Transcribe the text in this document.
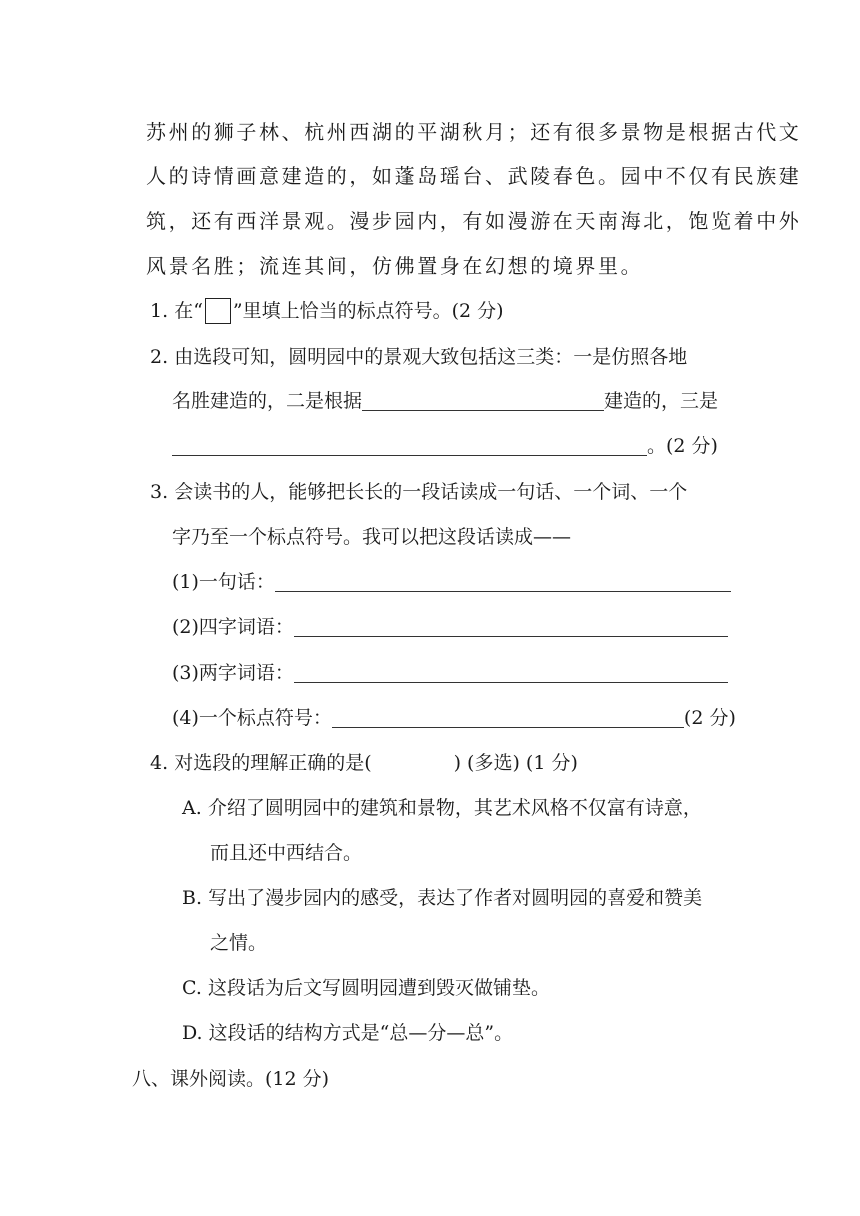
苏州的狮子林、杭州西湖的平湖秋月；还有很多景物是根据古代文
人的诗情画意建造的，如蓬岛瑶台、武陵春色。园中不仅有民族建
筑，还有西洋景观。漫步园内，有如漫游在天南海北，饱览着中外
风景名胜；流连其间，仿佛置身在幻想的境界里。
1. 在“ ”里填上恰当的标点符号。(2 分)
2. 由选段可知，圆明园中的景观大致包括这三类：一是仿照各地
名胜建造的，二是根据	建造的，三是
。(2 分)
3. 会读书的人，能够把长长的一段话读成一句话、一个词、一个
字乃至一个标点符号。我可以把这段话读成——
(1)一句话：
(2)四字词语：
(3)两字词语：
(4)一个标点符号：	(2 分)
4. 对选段的理解正确的是(	) (多选) (1 分)
A. 介绍了圆明园中的建筑和景物，其艺术风格不仅富有诗意，
而且还中西结合。
B. 写出了漫步园内的感受，表达了作者对圆明园的喜爱和赞美
之情。
C. 这段话为后文写圆明园遭到毁灭做铺垫。
D. 这段话的结构方式是“总—分—总”。
八、课外阅读。(12 分)
